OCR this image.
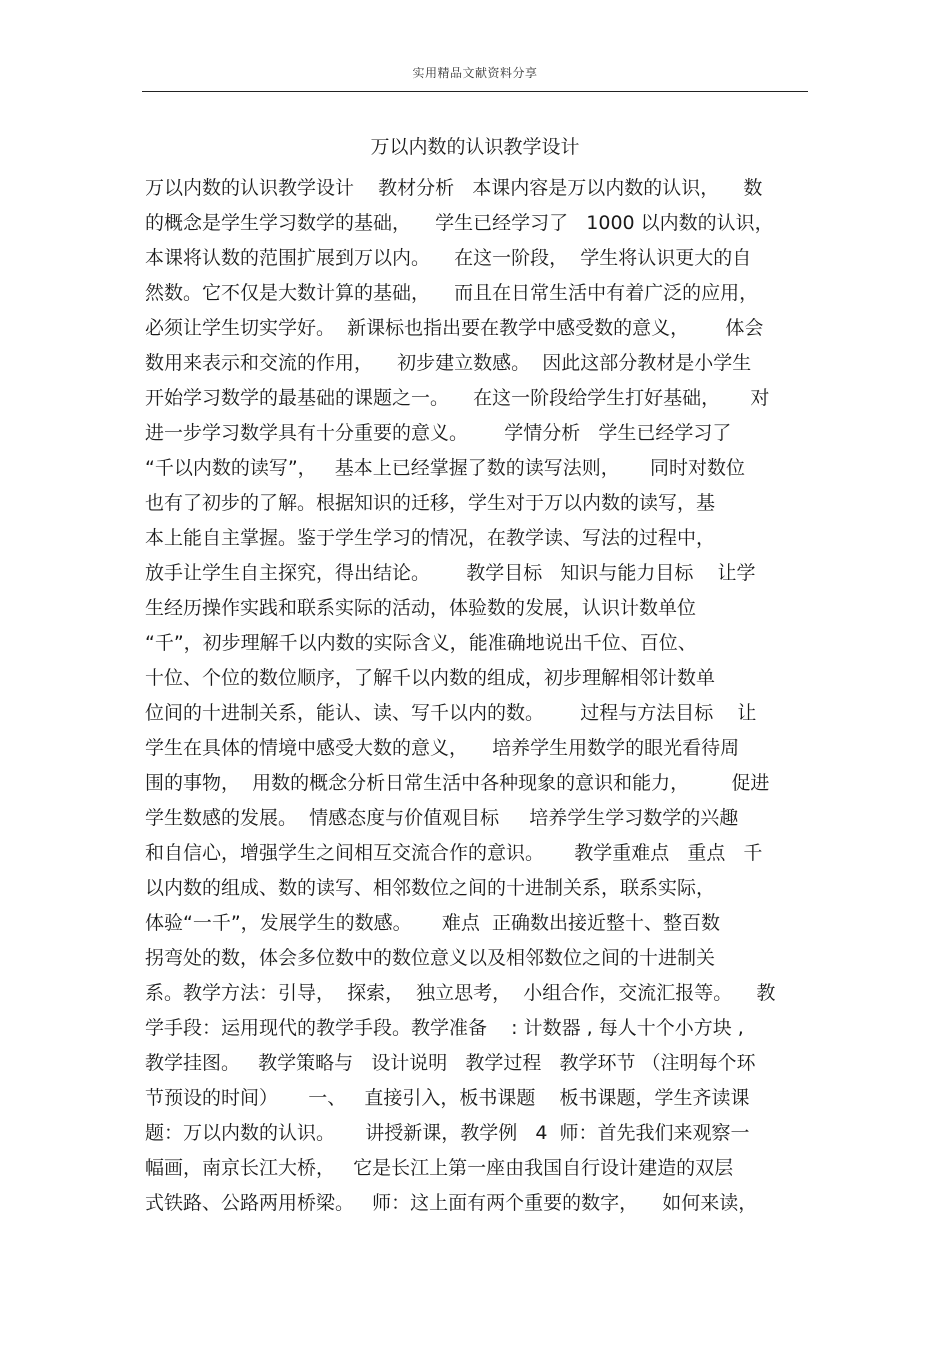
实用精品文献资料分享
万以内数的认识教学设计
万以内数的认识教学设计    教材分析   本课内容是万以内数的认识，    数
的概念是学生学习数学的基础，    学生已经学习了   1000 以内数的认识，
本课将认数的范围扩展到万以内。    在这一阶段，  学生将认识更大的自
然数。它不仅是大数计算的基础，    而且在日常生活中有着广泛的应用，
必须让学生切实学好。  新课标也指出要在教学中感受数的意义，      体会
数用来表示和交流的作用，    初步建立数感。  因此这部分教材是小学生
开始学习数学的最基础的课题之一。    在这一阶段给学生打好基础，     对
进一步学习数学具有十分重要的意义。      学情分析   学生已经学习了
“千以内数的读写”，   基本上已经掌握了数的读写法则，     同时对数位
也有了初步的了解。根据知识的迁移，学生对于万以内数的读写，基
本上能自主掌握。鉴于学生学习的情况，在教学读、写法的过程中，
放手让学生自主探究，得出结论。      教学目标   知识与能力目标    让学
生经历操作实践和联系实际的活动，体验数的发展，认识计数单位
“千”，初步理解千以内数的实际含义，能准确地说出千位、百位、
十位、个位的数位顺序，了解千以内数的组成，初步理解相邻计数单
位间的十进制关系，能认、读、写千以内的数。      过程与方法目标    让
学生在具体的情境中感受大数的意义，    培养学生用数学的眼光看待周
围的事物，  用数的概念分析日常生活中各种现象的意识和能力，       促进
学生数感的发展。  情感态度与价值观目标     培养学生学习数学的兴趣
和自信心，增强学生之间相互交流合作的意识。     教学重难点   重点   千
以内数的组成、数的读写、相邻数位之间的十进制关系，联系实际，
体验“一千”，发展学生的数感。     难点  正确数出接近整十、整百数
拐弯处的数，体会多位数中的数位意义以及相邻数位之间的十进制关
系。教学方法：引导，  探索，  独立思考，  小组合作，交流汇报等。    教
学手段：运用现代的教学手段。教学准备    : 计数器 , 每人十个小方块 ,
教学挂图。   教学策略与   设计说明   教学过程   教学环节 （注明每个环
节预设的时间）     一、   直接引入，板书课题    板书课题，学生齐读课
题：万以内数的认识。     讲授新课，教学例   4  师：首先我们来观察一
幅画，南京长江大桥，   它是长江上第一座由我国自行设计建造的双层
式铁路、公路两用桥梁。   师：这上面有两个重要的数字，    如何来读，
